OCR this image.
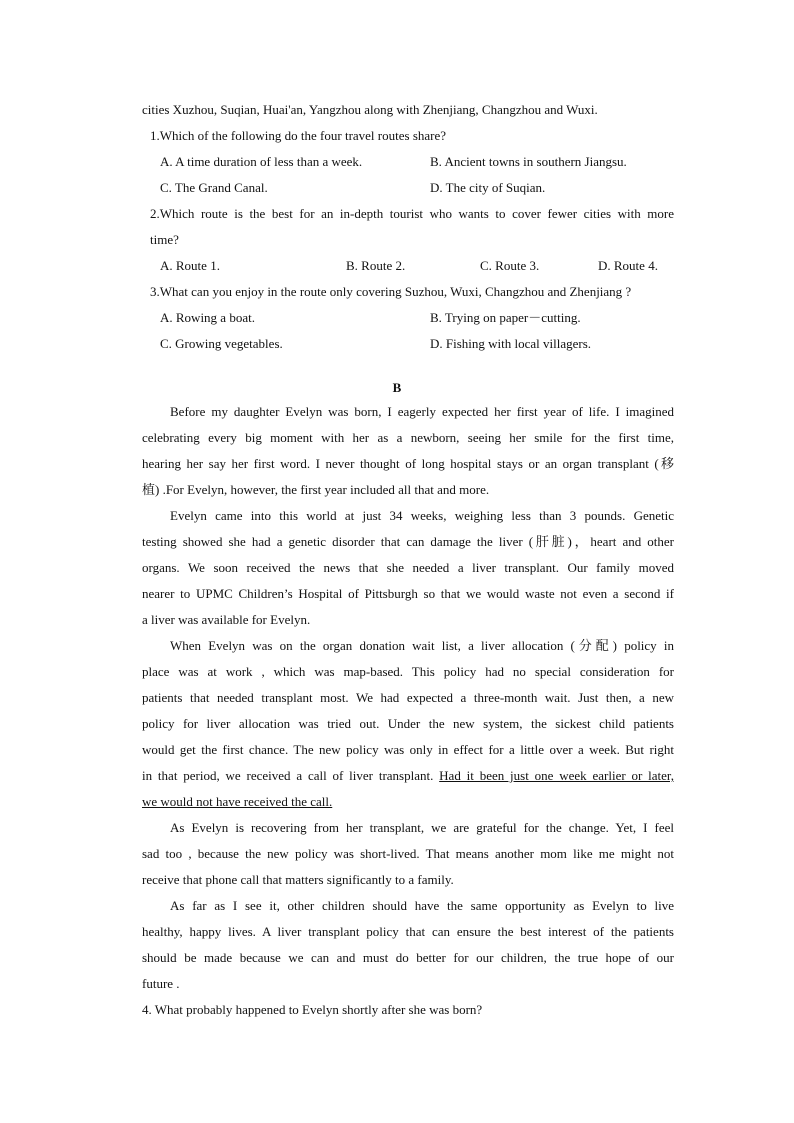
cities Xuzhou, Suqian, Huai'an, Yangzhou along with Zhenjiang, Changzhou and Wuxi.
1.Which of the following do the four travel routes share?
A. A time duration of less than a week.	B. Ancient towns in southern Jiangsu.
C. The Grand Canal.	D. The city of Suqian.
2.Which route is the best for an in-depth tourist who wants to cover fewer cities with more
time?
A. Route 1.	B. Route 2.	C. Route 3.	D. Route 4.
3.What can you enjoy in the route only covering Suzhou, Wuxi, Changzhou and Zhenjiang ?
A. Rowing a boat.	B. Trying on paper－cutting.
C. Growing vegetables.	D. Fishing with local villagers.
B
Before my daughter Evelyn was born, I eagerly expected her first year of life. I imagined
celebrating every big moment with her as a newborn, seeing her smile for the first time,
hearing her say her first word. I never thought of long hospital stays or an organ transplant (移
植) .For Evelyn, however, the first year included all that and more.
Evelyn came into this world at just 34 weeks, weighing less than 3 pounds. Genetic
testing showed she had a genetic disorder that can damage the liver (肝脏)，heart and other
organs. We soon received the news that she needed a liver transplant. Our family moved
nearer to UPMC Children’s Hospital of Pittsburgh so that we would waste not even a second if
a liver was available for Evelyn.
When Evelyn was on the organ donation wait list, a liver allocation (分配) policy in
place was at work , which was map-based. This policy had no special consideration for
patients that needed transplant most. We had expected a three-month wait. Just then, a new
policy for liver allocation was tried out. Under the new system, the sickest child patients
would get the first chance. The new policy was only in effect for a little over a week. But right
in that period, we received a call of liver transplant. Had it been just one week earlier or later,
we would not have received the call.
As Evelyn is recovering from her transplant, we are grateful for the change. Yet, I feel
sad too , because the new policy was short-lived. That means another mom like me might not
receive that phone call that matters significantly to a family.
As far as I see it, other children should have the same opportunity as Evelyn to live
healthy, happy lives. A liver transplant policy that can ensure the best interest of the patients
should be made because we can and must do better for our children, the true hope of our
future .
4. What probably happened to Evelyn shortly after she was born?
